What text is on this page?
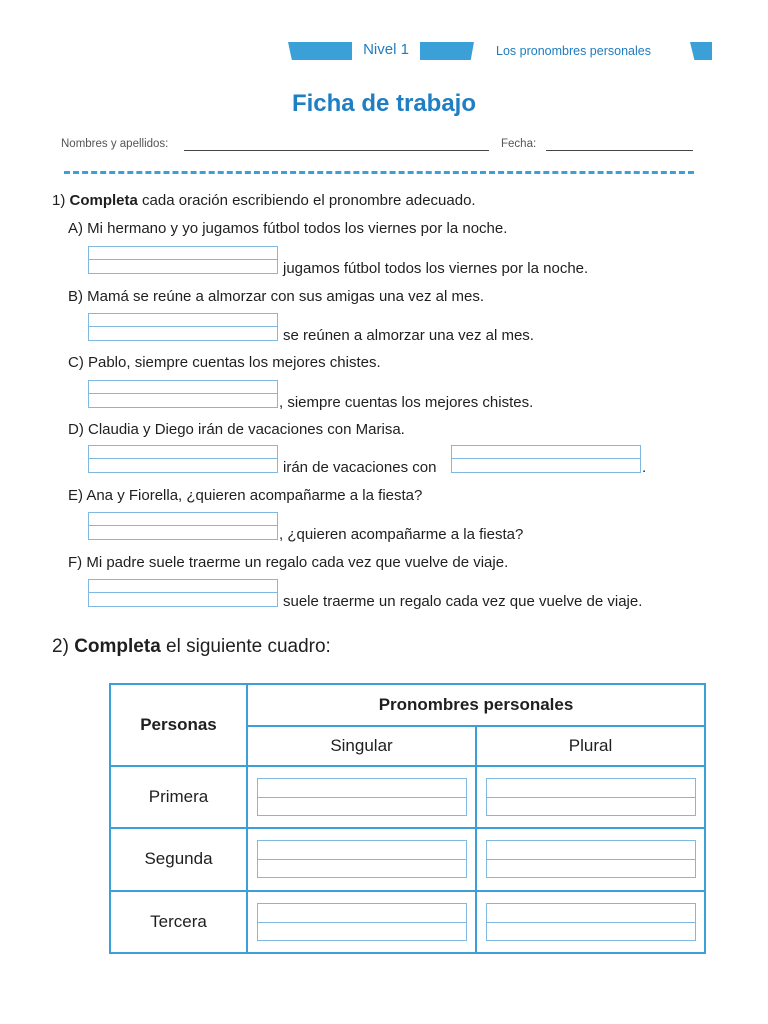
Nivel 1	Los pronombres personales
Ficha de trabajo
Nombres y apellidos:	Fecha:
1) Completa cada oración escribiendo el pronombre adecuado.
A) Mi hermano y yo jugamos fútbol todos los viernes por la noche.
jugamos fútbol todos los viernes por la noche.
B) Mamá se reúne a almorzar con sus amigas una vez al mes.
se reúnen a almorzar una vez al mes.
C) Pablo, siempre cuentas los mejores chistes.
, siempre cuentas los mejores chistes.
D) Claudia y Diego irán de vacaciones con Marisa.
irán de vacaciones con	.
E) Ana y Fiorella, ¿quieren acompañarme a la fiesta?
, ¿quieren acompañarme a la fiesta?
F) Mi padre suele traerme un regalo cada vez que vuelve de viaje.
suele traerme un regalo cada vez que vuelve de viaje.
2) Completa el siguiente cuadro:
Personas	Pronombres personales	
	Singular	Plural
Primera	

Segunda	

Tercera	
